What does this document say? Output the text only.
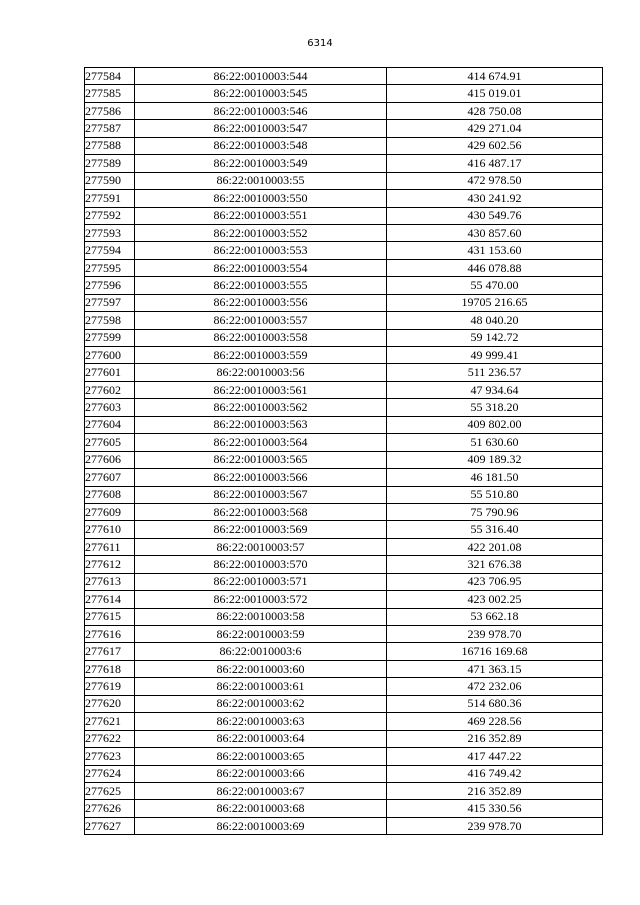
6314
277584	86:22:0010003:544	414 674.91
277585	86:22:0010003:545	415 019.01
277586	86:22:0010003:546	428 750.08
277587	86:22:0010003:547	429 271.04
277588	86:22:0010003:548	429 602.56
277589	86:22:0010003:549	416 487.17
277590	86:22:0010003:55	472 978.50
277591	86:22:0010003:550	430 241.92
277592	86:22:0010003:551	430 549.76
277593	86:22:0010003:552	430 857.60
277594	86:22:0010003:553	431 153.60
277595	86:22:0010003:554	446 078.88
277596	86:22:0010003:555	55 470.00
277597	86:22:0010003:556	19705 216.65
277598	86:22:0010003:557	48 040.20
277599	86:22:0010003:558	59 142.72
277600	86:22:0010003:559	49 999.41
277601	86:22:0010003:56	511 236.57
277602	86:22:0010003:561	47 934.64
277603	86:22:0010003:562	55 318.20
277604	86:22:0010003:563	409 802.00
277605	86:22:0010003:564	51 630.60
277606	86:22:0010003:565	409 189.32
277607	86:22:0010003:566	46 181.50
277608	86:22:0010003:567	55 510.80
277609	86:22:0010003:568	75 790.96
277610	86:22:0010003:569	55 316.40
277611	86:22:0010003:57	422 201.08
277612	86:22:0010003:570	321 676.38
277613	86:22:0010003:571	423 706.95
277614	86:22:0010003:572	423 002.25
277615	86:22:0010003:58	53 662.18
277616	86:22:0010003:59	239 978.70
277617	86:22:0010003:6	16716 169.68
277618	86:22:0010003:60	471 363.15
277619	86:22:0010003:61	472 232.06
277620	86:22:0010003:62	514 680.36
277621	86:22:0010003:63	469 228.56
277622	86:22:0010003:64	216 352.89
277623	86:22:0010003:65	417 447.22
277624	86:22:0010003:66	416 749.42
277625	86:22:0010003:67	216 352.89
277626	86:22:0010003:68	415 330.56
277627	86:22:0010003:69	239 978.70
